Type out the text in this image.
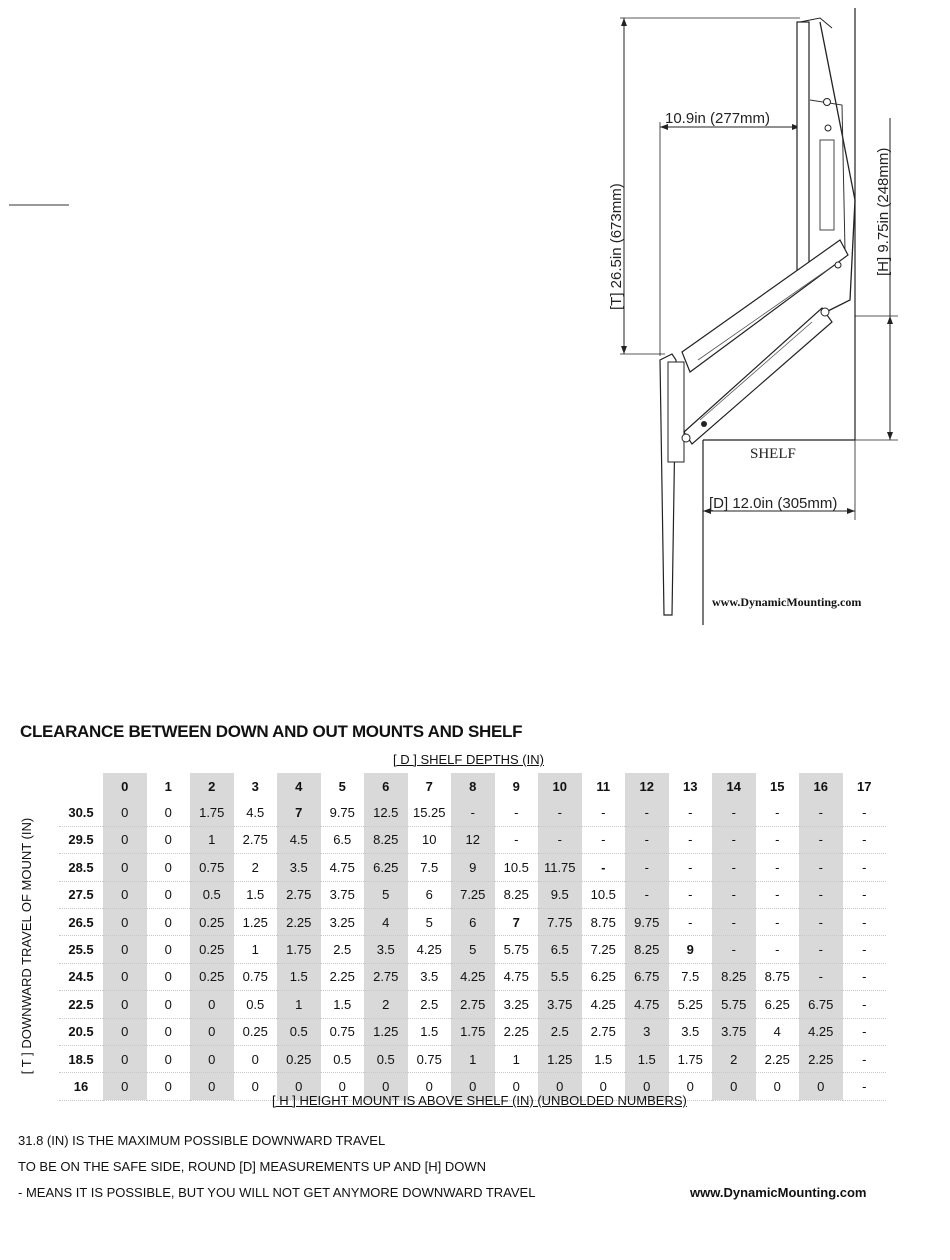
[T] 26.5in (673mm)
10.9in (277mm)
[H] 9.75in (248mm)
[D] 12.0in (305mm)
SHELF
www.DynamicMounting.com
CLEARANCE BETWEEN DOWN AND OUT MOUNTS AND SHELF
[ D ] SHELF DEPTHS (IN)
[ T ] DOWNWARD TRAVEL OF MOUNT (IN)
	0	1	2	3	4	5	6	7	8	9	10	11	12	13	14	15	16	17
30.5	0	0	1.75	4.5	7	9.75	12.5	15.25	-	-	-	-	-	-	-	-	-	-
29.5	0	0	1	2.75	4.5	6.5	8.25	10	12	-	-	-	-	-	-	-	-	-
28.5	0	0	0.75	2	3.5	4.75	6.25	7.5	9	10.5	11.75	-	-	-	-	-	-	-
27.5	0	0	0.5	1.5	2.75	3.75	5	6	7.25	8.25	9.5	10.5	-	-	-	-	-	-
26.5	0	0	0.25	1.25	2.25	3.25	4	5	6	7	7.75	8.75	9.75	-	-	-	-	-
25.5	0	0	0.25	1	1.75	2.5	3.5	4.25	5	5.75	6.5	7.25	8.25	9	-	-	-	-
24.5	0	0	0.25	0.75	1.5	2.25	2.75	3.5	4.25	4.75	5.5	6.25	6.75	7.5	8.25	8.75	-	-
22.5	0	0	0	0.5	1	1.5	2	2.5	2.75	3.25	3.75	4.25	4.75	5.25	5.75	6.25	6.75	-
20.5	0	0	0	0.25	0.5	0.75	1.25	1.5	1.75	2.25	2.5	2.75	3	3.5	3.75	4	4.25	-
18.5	0	0	0	0	0.25	0.5	0.5	0.75	1	1	1.25	1.5	1.5	1.75	2	2.25	2.25	-
16	0	0	0	0	0	0	0	0	0	0	0	0	0	0	0	0	0	-
[ H ] HEIGHT MOUNT IS ABOVE SHELF (IN) (UNBOLDED NUMBERS)
31.8 (IN) IS THE MAXIMUM POSSIBLE DOWNWARD TRAVEL
TO BE ON THE SAFE SIDE, ROUND [D] MEASUREMENTS UP AND [H] DOWN
- MEANS IT IS POSSIBLE, BUT YOU WILL NOT GET ANYMORE DOWNWARD TRAVEL	www.DynamicMounting.com
